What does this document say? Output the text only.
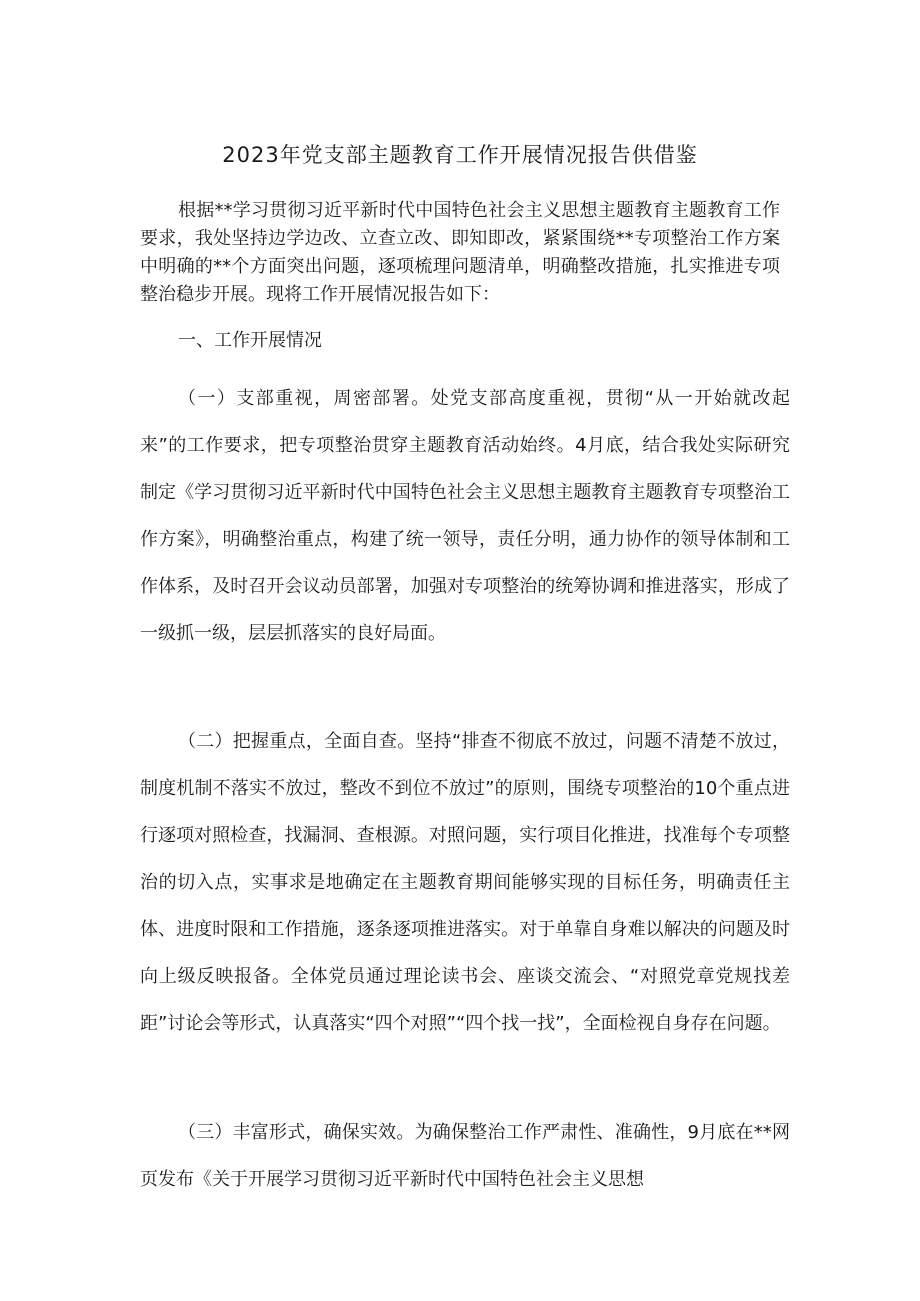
2023年党支部主题教育工作开展情况报告供借鉴

根据**学习贯彻习近平新时代中国特色社会主义思想主题教育主题教育工作要求，我处坚持边学边改、立查立改、即知即改，紧紧围绕**专项整治工作方案中明确的**个方面突出问题，逐项梳理问题清单，明确整改措施，扎实推进专项整治稳步开展。现将工作开展情况报告如下：

一、工作开展情况

（一）支部重视，周密部署。处党支部高度重视，贯彻“从一开始就改起来”的工作要求，把专项整治贯穿主题教育活动始终。4月底，结合我处实际研究制定《学习贯彻习近平新时代中国特色社会主义思想主题教育主题教育专项整治工作方案》，明确整治重点，构建了统一领导，责任分明，通力协作的领导体制和工作体系，及时召开会议动员部署，加强对专项整治的统筹协调和推进落实，形成了一级抓一级，层层抓落实的良好局面。

（二）把握重点，全面自查。坚持“排查不彻底不放过，问题不清楚不放过，制度机制不落实不放过，整改不到位不放过”的原则，围绕专项整治的10个重点进行逐项对照检查，找漏洞、查根源。对照问题，实行项目化推进，找准每个专项整治的切入点，实事求是地确定在主题教育期间能够实现的目标任务，明确责任主体、进度时限和工作措施，逐条逐项推进落实。对于单靠自身难以解决的问题及时向上级反映报备。全体党员通过理论读书会、座谈交流会、“对照党章党规找差距”讨论会等形式，认真落实“四个对照”“四个找一找”，全面检视自身存在问题。

（三）丰富形式，确保实效。为确保整治工作严肃性、准确性，9月底在**网页发布《关于开展学习贯彻习近平新时代中国特色社会主义思想
